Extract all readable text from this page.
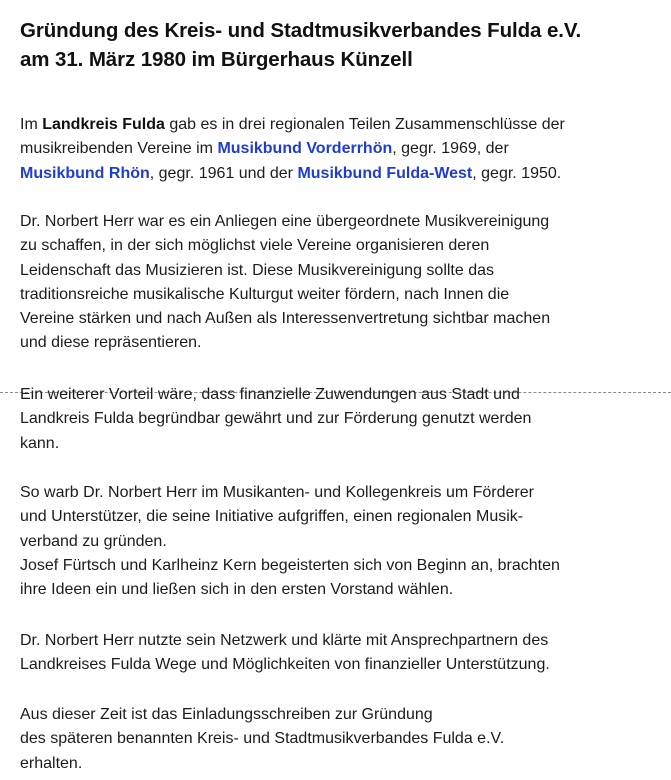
Gründung des Kreis- und Stadtmusikverbandes Fulda e.V.
am 31. März 1980 im Bürgerhaus Künzell
Im Landkreis Fulda gab es in drei regionalen Teilen Zusammenschlüsse der
musikreibenden Vereine im Musikbund Vorderrhön, gegr. 1969, der
Musikbund Rhön, gegr. 1961 und der Musikbund Fulda-West, gegr. 1950.
Dr. Norbert Herr war es ein Anliegen eine übergeordnete Musikvereinigung
zu schaffen, in der sich möglichst viele Vereine organisieren deren
Leidenschaft das Musizieren ist. Diese Musikvereinigung sollte das
traditionsreiche musikalische Kulturgut weiter fördern, nach Innen die
Vereine stärken und nach Außen als Interessenvertretung sichtbar machen
und diese repräsentieren.
Ein weiterer Vorteil wäre, dass finanzielle Zuwendungen aus Stadt und
Landkreis Fulda begründbar gewährt und zur Förderung genutzt werden
kann.
So warb Dr. Norbert Herr im Musikanten- und Kollegenkreis um Förderer
und Unterstützer, die seine Initiative aufgriffen, einen regionalen Musik-
verband zu gründen.
Josef Fürtsch und Karlheinz Kern begeisterten sich von Beginn an, brachten
ihre Ideen ein und ließen sich in den ersten Vorstand wählen.
Dr. Norbert Herr nutzte sein Netzwerk und klärte mit Ansprechpartnern des
Landkreises Fulda Wege und Möglichkeiten von finanzieller Unterstützung.
Aus dieser Zeit ist das Einladungsschreiben zur Gründung
des späteren benannten Kreis- und Stadtmusikverbandes Fulda e.V.
erhalten.
